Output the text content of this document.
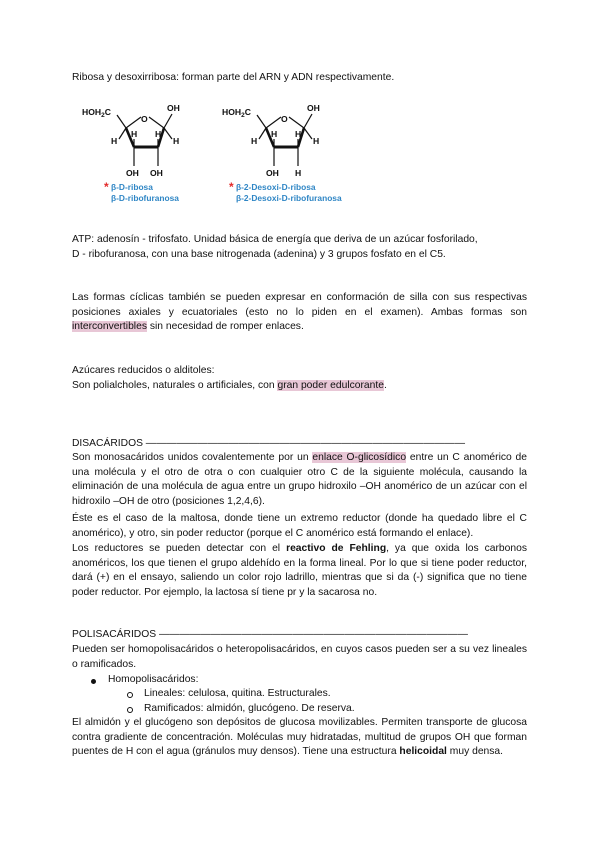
Ribosa y desoxirribosa: forman parte del ARN y ADN respectivamente.

$HOH_2C$
O
OH
H
H
H H
OH OH
* β-D-ribosa
β-D-ribofuranosa
$HOH_2C$
O
OH
H
H
H H
OH H
* β-2-Desoxi-D-ribosa
β-2-Desoxi-D-ribofuranosa

ATP: adenosín - trifosfato. Unidad básica de energía que deriva de un azúcar fosforilado,

D - ribofuranosa, con una base nitrogenada (adenina) y 3 grupos fosfato en el C5.

Las formas cíclicas también se pueden expresar en conformación de silla con sus respectivas posiciones axiales y ecuatoriales (esto no lo piden en el examen). Ambas formas son interconvertibles sin necesidad de romper enlaces.

Azúcares reducidos o alditoles:

Son polialcholes, naturales o artificiales, con gran poder edulcorante.

DISACÁRIDOS ———————————————————————————————

Son monosacáridos unidos covalentemente por un enlace O-glicosídico entre un C anomérico de una molécula y el otro de otra o con cualquier otro C de la siguiente molécula, causando la eliminación de una molécula de agua entre un grupo hidroxilo –OH anomérico de un azúcar con el hidroxilo –OH de otro (posiciones 1,2,4,6).

Éste es el caso de la maltosa, donde tiene un extremo reductor (donde ha quedado libre el C anomérico), y otro, sin poder reductor (porque el C anomérico está formando el enlace).

Los reductores se pueden detectar con el reactivo de Fehling, ya que oxida los carbonos anoméricos, los que tienen el grupo aldehído en la forma lineal. Por lo que si tiene poder reductor, dará (+) en el ensayo, saliendo un color rojo ladrillo, mientras que si da (-) significa que no tiene poder reductor. Por ejemplo, la lactosa sí tiene pr y la sacarosa no.

POLISACÁRIDOS ——————————————————————————————

Pueden ser homopolisacáridos o heteropolisacáridos, en cuyos casos pueden ser a su vez lineales o ramificados.

Homopolisacáridos:
Lineales: celulosa, quitina. Estructurales.
Ramificados: almidón, glucógeno. De reserva.

El almidón y el glucógeno son depósitos de glucosa movilizables. Permiten transporte de glucosa contra gradiente de concentración. Moléculas muy hidratadas, multitud de grupos OH que forman puentes de H con el agua (gránulos muy densos). Tiene una estructura helicoidal muy densa.
